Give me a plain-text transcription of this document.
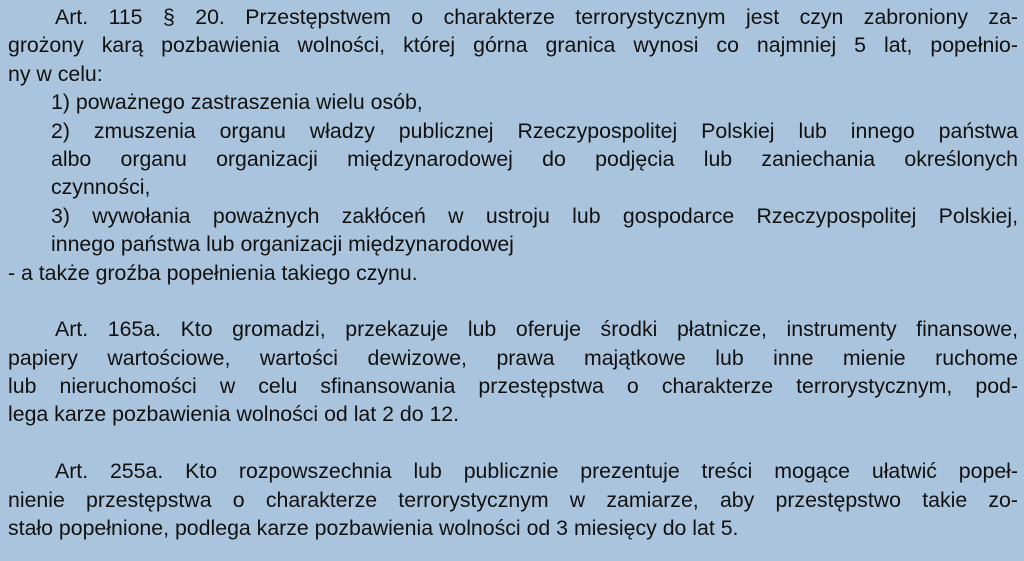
Art. 115 § 20. Przestępstwem o charakterze terrorystycznym jest czyn zabroniony za-
grożony karą pozbawienia wolności, której górna granica wynosi co najmniej 5 lat, popełnio-
ny w celu:
1) poważnego zastraszenia wielu osób,
2) zmuszenia organu władzy publicznej Rzeczypospolitej Polskiej lub innego państwa
albo organu organizacji międzynarodowej do podjęcia lub zaniechania określonych
czynności,
3) wywołania poważnych zakłóceń w ustroju lub gospodarce Rzeczypospolitej Polskiej,
innego państwa lub organizacji międzynarodowej
- a także groźba popełnienia takiego czynu.
Art. 165a. Kto gromadzi, przekazuje lub oferuje środki płatnicze, instrumenty finansowe,
papiery wartościowe, wartości dewizowe, prawa majątkowe lub inne mienie ruchome
lub nieruchomości w celu sfinansowania przestępstwa o charakterze terrorystycznym, pod-
lega karze pozbawienia wolności od lat 2 do 12.
Art. 255a. Kto rozpowszechnia lub publicznie prezentuje treści mogące ułatwić popeł-
nienie przestępstwa o charakterze terrorystycznym w zamiarze, aby przestępstwo takie zo-
stało popełnione, podlega karze pozbawienia wolności od 3 miesięcy do lat 5.
